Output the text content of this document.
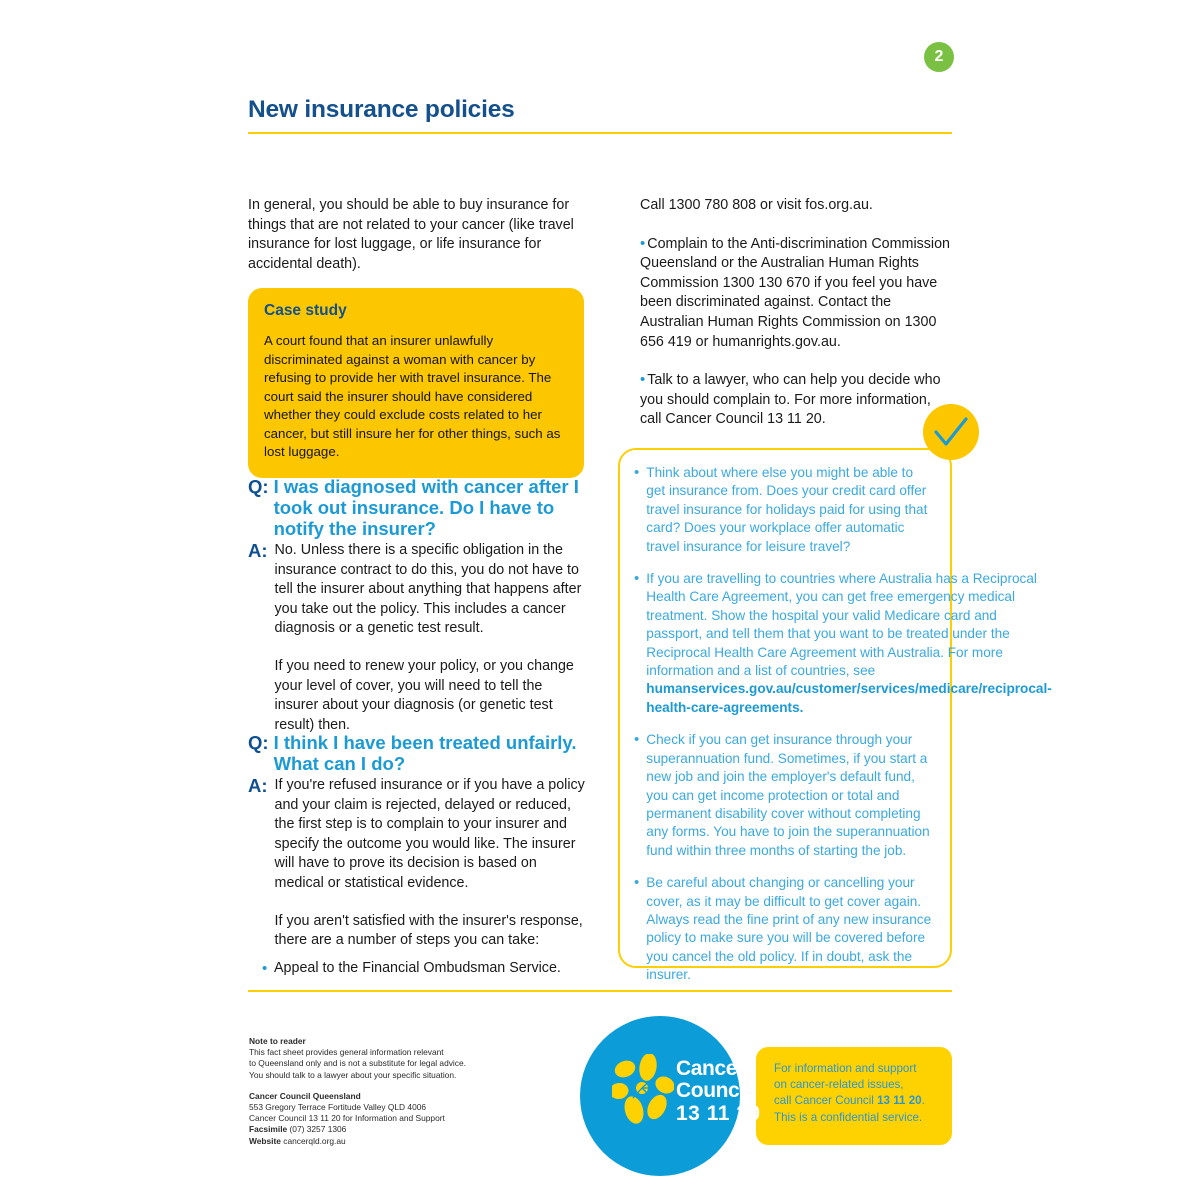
2
New insurance policies

In general, you should be able to buy insurance for things that are not related to your cancer (like travel insurance for lost luggage, or life insurance for accidental death).

Case study

A court found that an insurer unlawfully discriminated against a woman with cancer by refusing to provide her with travel insurance. The court said the insurer should have considered whether they could exclude costs related to her cancer, but still insure her for other things, such as lost luggage.

Q: I was diagnosed with cancer after I took out insurance. Do I have to notify the insurer?
A: No. Unless there is a specific obligation in the insurance contract to do this, you do not have to tell the insurer about anything that happens after you take out the policy. This includes a cancer diagnosis or a genetic test result.

If you need to renew your policy, or you change your level of cover, you will need to tell the insurer about your diagnosis (or genetic test result) then.

Q: I think I have been treated unfairly. What can I do?
A: If you're refused insurance or if you have a policy and your claim is rejected, delayed or reduced, the first step is to complain to your insurer and specify the outcome you would like. The insurer will have to prove its decision is based on medical or statistical evidence.

If you aren't satisfied with the insurer's response, there are a number of steps you can take:

• Appeal to the Financial Ombudsman Service.

Call 1300 780 808 or visit fos.org.au.

• Complain to the Anti-discrimination Commission Queensland or the Australian Human Rights Commission 1300 130 670 if you feel you have been discriminated against. Contact the Australian Human Rights Commission on 1300 656 419 or humanrights.gov.au.

• Talk to a lawyer, who can help you decide who you should complain to. For more information, call Cancer Council 13 11 20.

• Think about where else you might be able to get insurance from. Does your credit card offer travel insurance for holidays paid for using that card? Does your workplace offer automatic travel insurance for leisure travel?
• If you are travelling to countries where Australia has a Reciprocal Health Care Agreement, you can get free emergency medical treatment. Show the hospital your valid Medicare card and passport, and tell them that you want to be treated under the Reciprocal Health Care Agreement with Australia. For more information and a list of countries, see humanservices.gov.au/customer/services/medicare/reciprocal-health-care-agreements.
• Check if you can get insurance through your superannuation fund. Sometimes, if you start a new job and join the employer's default fund, you can get income protection or total and permanent disability cover without completing any forms. You have to join the superannuation fund within three months of starting the job.
• Be careful about changing or cancelling your cover, as it may be difficult to get cover again. Always read the fine print of any new insurance policy to make sure you will be covered before you cancel the old policy. If in doubt, ask the insurer.
Note to reader
This fact sheet provides general information relevant
to Queensland only and is not a substitute for legal advice.
You should talk to a lawyer about your specific situation.
Cancer Council Queensland
553 Gregory Terrace Fortitude Valley QLD 4006
Cancer Council 13 11 20 for Information and Support
Facsimile (07) 3257 1306
Website cancerqld.org.au

For information and support

on cancer-related issues,

call Cancer Council 13 11 20.

This is a confidential service.

Cancer
Council
13 11 20
